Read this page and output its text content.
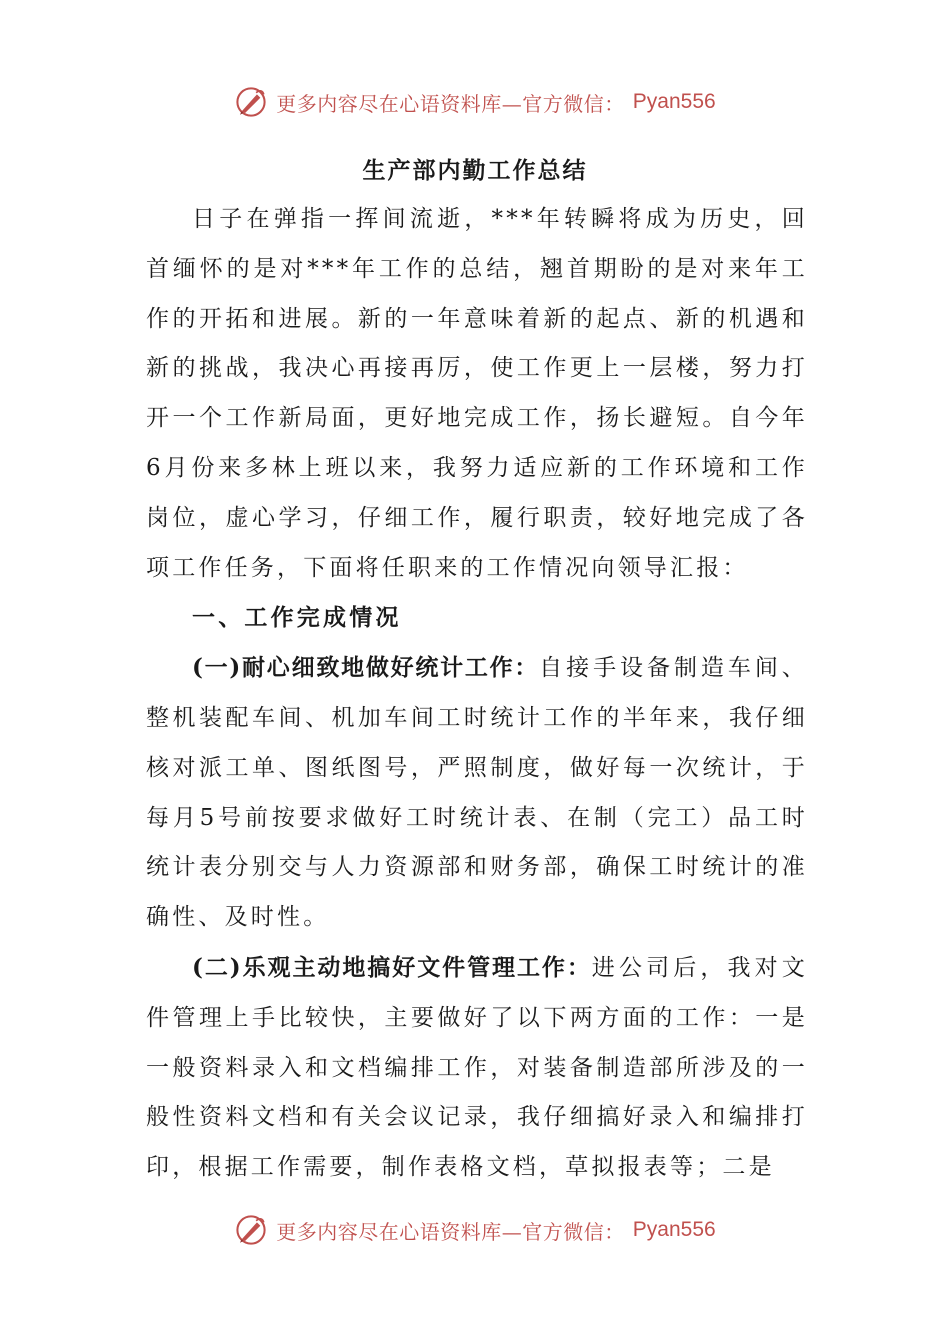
更多内容尽在心语资料库—官方微信： Pyan556
生产部内勤工作总结

日子在弹指一挥间流逝，***年转瞬将成为历史，回首缅怀的是对***年工作的总结，翘首期盼的是对来年工作的开拓和进展。新的一年意味着新的起点、新的机遇和新的挑战，我决心再接再厉，使工作更上一层楼，努力打开一个工作新局面，更好地完成工作，扬长避短。自今年6月份来多林上班以来，我努力适应新的工作环境和工作岗位，虚心学习，仔细工作，履行职责，较好地完成了各项工作任务，下面将任职来的工作情况向领导汇报：

一、工作完成情况

(一)耐心细致地做好统计工作：自接手设备制造车间、整机装配车间、机加车间工时统计工作的半年来，我仔细核对派工单、图纸图号，严照制度，做好每一次统计，于每月5号前按要求做好工时统计表、在制（完工）品工时统计表分别交与人力资源部和财务部，确保工时统计的准确性、及时性。

(二)乐观主动地搞好文件管理工作：进公司后，我对文件管理上手比较快，主要做好了以下两方面的工作：一是一般资料录入和文档编排工作，对装备制造部所涉及的一般性资料文档和有关会议记录，我仔细搞好录入和编排打印，根据工作需要，制作表格文档，草拟报表等；二是

更多内容尽在心语资料库—官方微信： Pyan556
